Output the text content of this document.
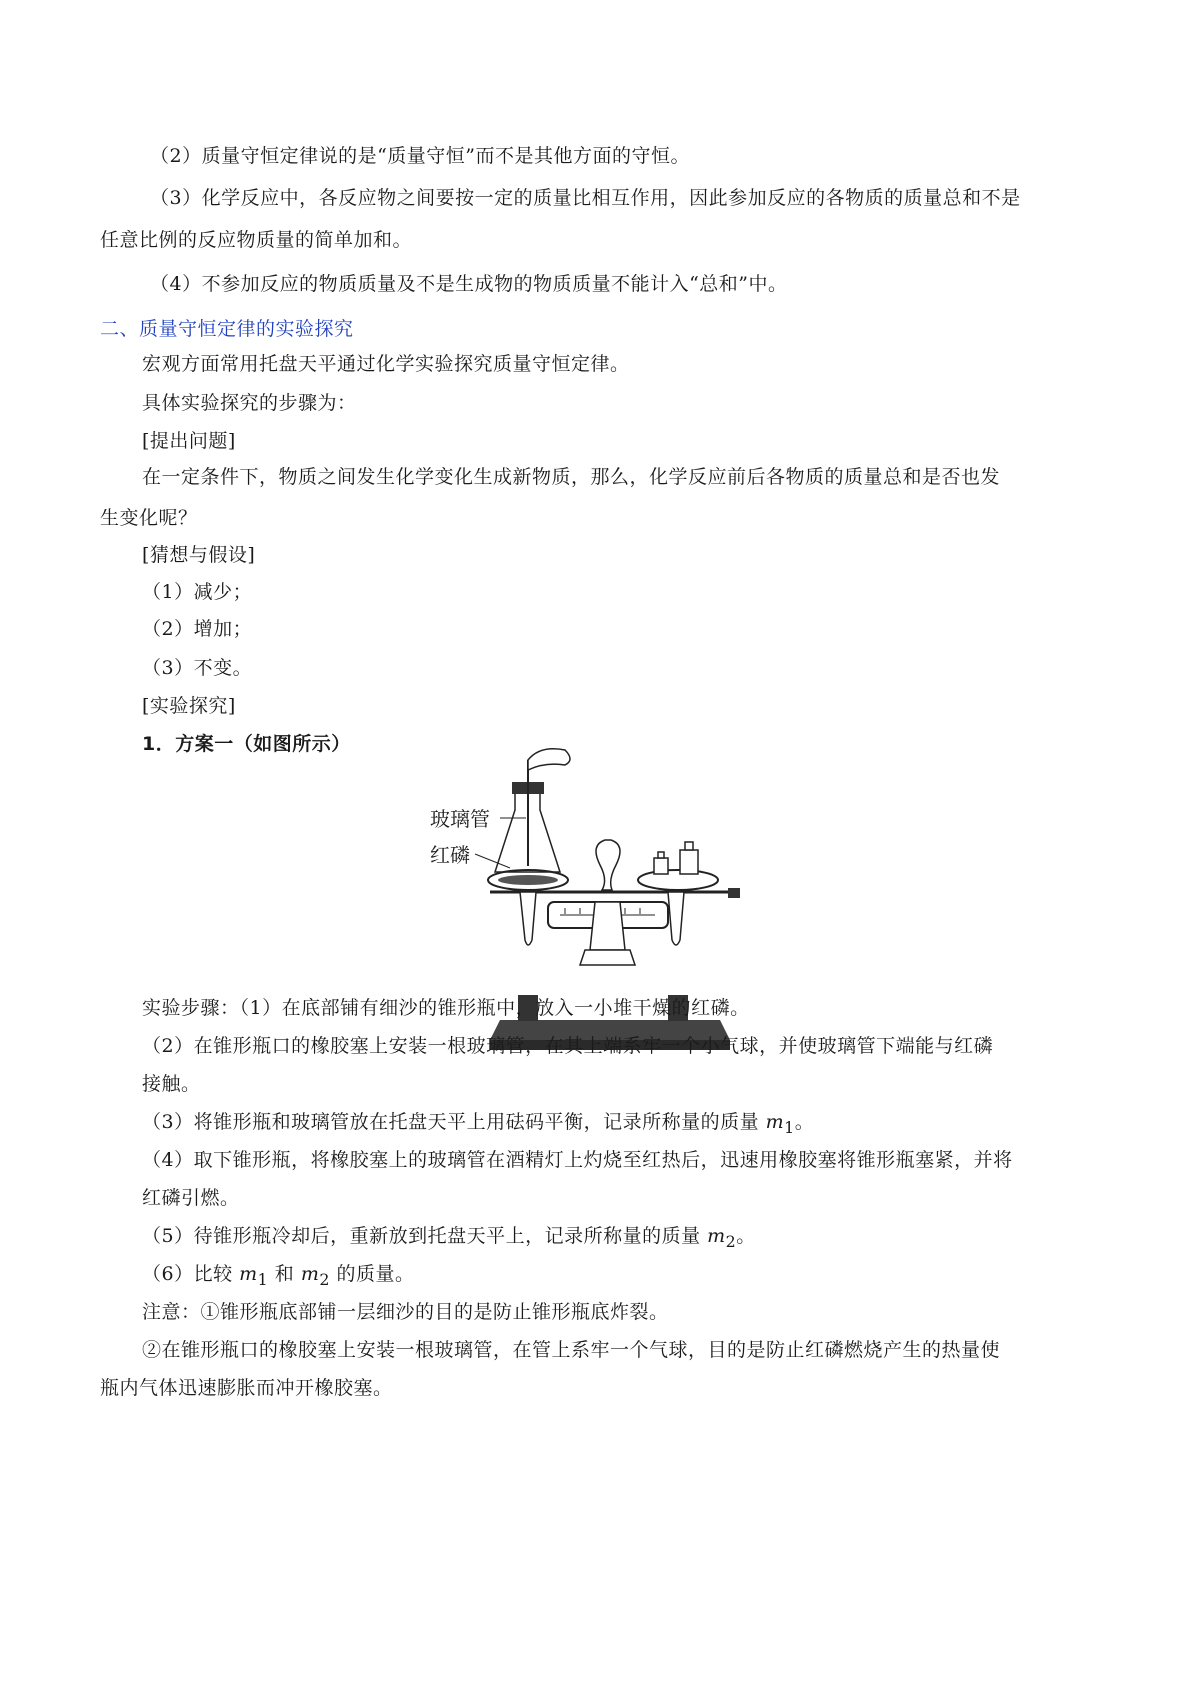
（2）质量守恒定律说的是“质量守恒”而不是其他方面的守恒。
（3）化学反应中，各反应物之间要按一定的质量比相互作用，因此参加反应的各物质的质量总和不是
任意比例的反应物质量的简单加和。
（4）不参加反应的物质质量及不是生成物的物质质量不能计入“总和”中。
二、质量守恒定律的实验探究
宏观方面常用托盘天平通过化学实验探究质量守恒定律。
具体实验探究的步骤为：
[提出问题]
在一定条件下，物质之间发生化学变化生成新物质，那么，化学反应前后各物质的质量总和是否也发
生变化呢？
[猜想与假设]
（1）减少；
（2）增加；
（3）不变。
[实验探究]
1．方案一（如图所示）
玻璃管
红磷
实验步骤：（1）在底部铺有细沙的锥形瓶中，放入一小堆干燥的红磷。
（2）在锥形瓶口的橡胶塞上安装一根玻璃管，在其上端系牢一个小气球，并使玻璃管下端能与红磷
接触。
（3）将锥形瓶和玻璃管放在托盘天平上用砝码平衡，记录所称量的质量 $m_1$。
（4）取下锥形瓶，将橡胶塞上的玻璃管在酒精灯上灼烧至红热后，迅速用橡胶塞将锥形瓶塞紧，并将
红磷引燃。
（5）待锥形瓶冷却后，重新放到托盘天平上，记录所称量的质量 $m_2$。
（6）比较 $m_1$ 和 $m_2$ 的质量。
注意：①锥形瓶底部铺一层细沙的目的是防止锥形瓶底炸裂。
②在锥形瓶口的橡胶塞上安装一根玻璃管，在管上系牢一个气球，目的是防止红磷燃烧产生的热量使
瓶内气体迅速膨胀而冲开橡胶塞。
